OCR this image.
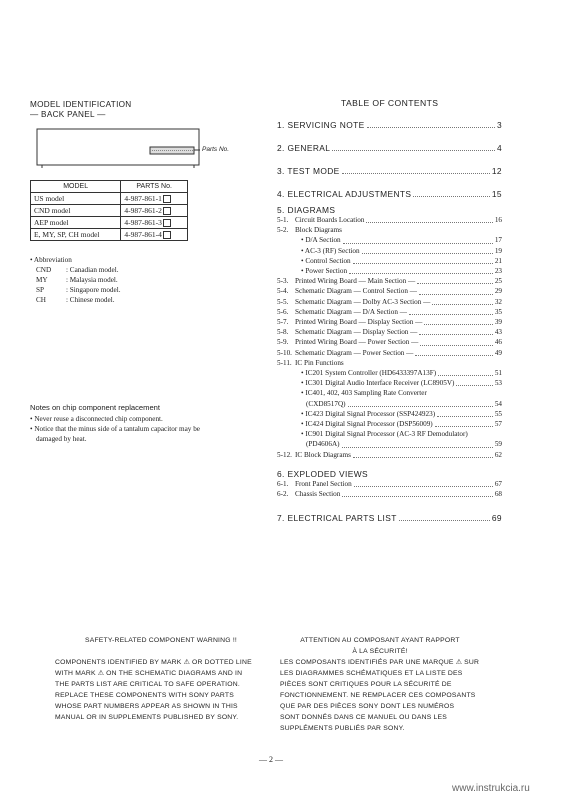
MODEL IDENTIFICATION
— BACK PANEL —
Parts No.
MODEL	PARTS No.
US model	4-987-861-1
CND model	4-987-861-2
AEP model	4-987-861-3
E, MY, SP, CH model	4-987-861-4
• Abbreviation
CND	: Canadian model.
MY	: Malaysia model.
SP	: Singapore model.
CH	: Chinese model.
Notes on chip component replacement
• Never reuse a disconnected chip component.
• Notice that the minus side of a tantalum capacitor may be
damaged by heat.
TABLE OF CONTENTS
1. SERVICING NOTE	3
2. GENERAL	4
3. TEST MODE	12
4. ELECTRICAL ADJUSTMENTS	15
5. DIAGRAMS
5-1. Circuit Boards Location	16
5-2. Block Diagrams
• D/A Section	17
• AC-3 (RF) Section	19
• Control Section	21
• Power Section	23
5-3. Printed Wiring Board — Main Section —	25
5-4. Schematic Diagram — Control Section —	29
5-5. Schematic Diagram — Dolby AC-3 Section —	32
5-6. Schematic Diagram — D/A Section —	35
5-7. Printed Wiring Board — Display Section —	39
5-8. Schematic Diagram — Display Section —	43
5-9. Printed Wiring Board — Power Section —	46
5-10. Schematic Diagram — Power Section —	49
5-11. IC Pin Functions
• IC201 System Controller (HD6433397A13F)	51
• IC301 Digital Audio Interface Receiver (LC8905V)	53
• IC401, 402, 403 Sampling Rate Converter
(CXD8517Q)	54
• IC423 Digital Signal Processor (SSP424923)	55
• IC424 Digital Signal Processor (DSP56009)	57
• IC901 Digital Signal Processor (AC-3 RF Demodulator)
(PD4606A)	59
5-12. IC Block Diagrams	62
6. EXPLODED VIEWS
6-1. Front Panel Section	67
6-2. Chassis Section	68
7. ELECTRICAL PARTS LIST	69
SAFETY-RELATED COMPONENT WARNING !!
COMPONENTS IDENTIFIED BY MARK ⚠ OR DOTTED LINE
WITH MARK ⚠ ON THE SCHEMATIC DIAGRAMS AND IN
THE PARTS LIST ARE CRITICAL TO SAFE OPERATION.
REPLACE THESE COMPONENTS WITH SONY PARTS
WHOSE PART NUMBERS APPEAR AS SHOWN IN THIS
MANUAL OR IN SUPPLEMENTS PUBLISHED BY SONY.
ATTENTION AU COMPOSANT AYANT RAPPORT
À LA SÉCURITÉ!
LES COMPOSANTS IDENTIFIÉS PAR UNE MARQUE ⚠ SUR
LES DIAGRAMMES SCHÉMATIQUES ET LA LISTE DES
PIÈCES SONT CRITIQUES POUR LA SÉCURITÉ DE
FONCTIONNEMENT. NE REMPLACER CES COMPOSANTS
QUE PAR DES PIÈCES SONY DONT LES NUMÉROS
SONT DONNÉS DANS CE MANUEL OU DANS LES
SUPPLÉMENTS PUBLIÉS PAR SONY.
— 2 —
www.instrukcia.ru
